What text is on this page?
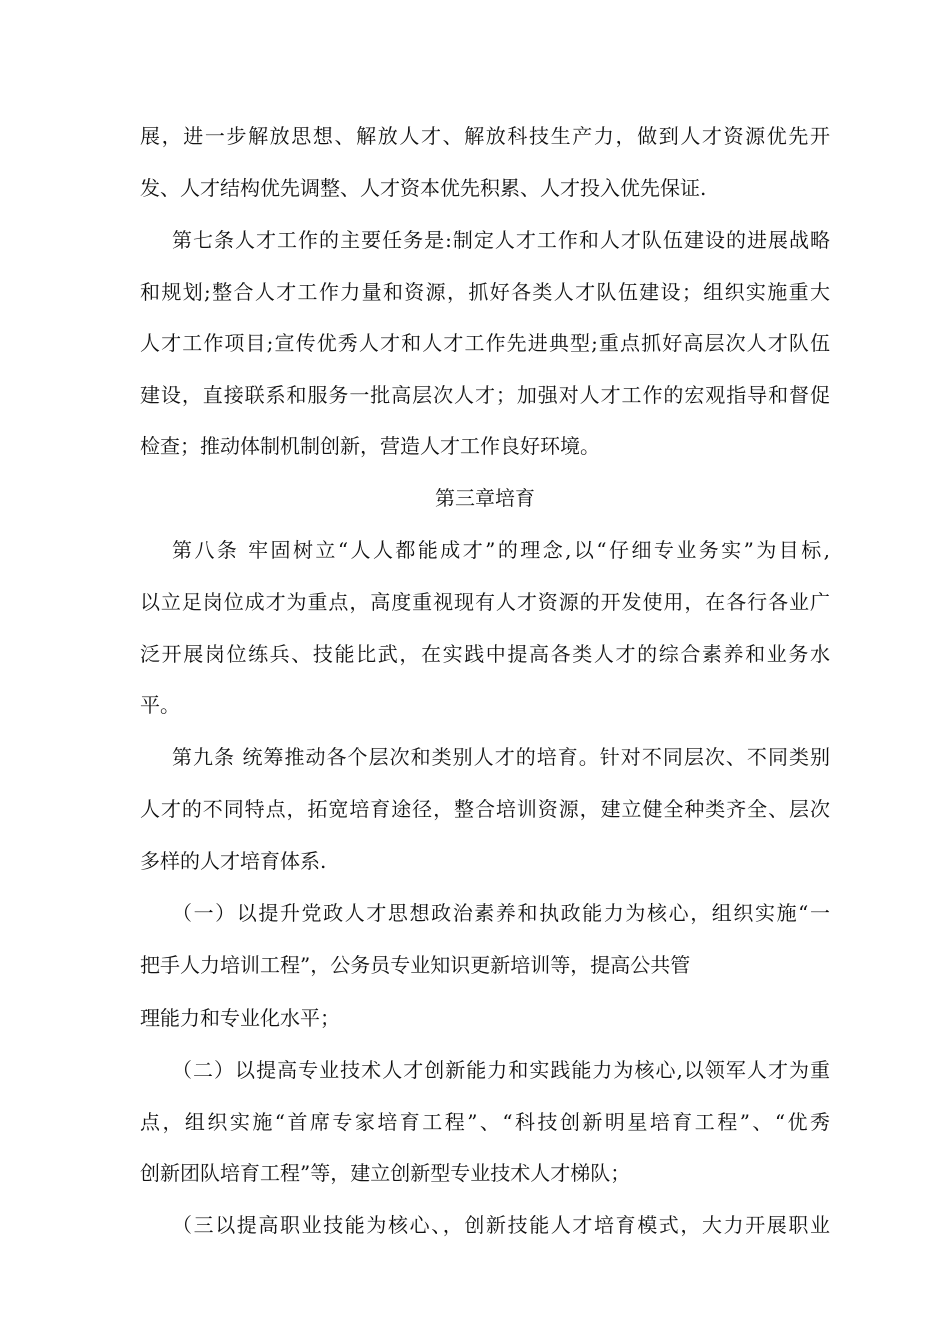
展，进一步解放思想、解放人才、解放科技生产力，做到人才资源优先开
发、人才结构优先调整、人才资本优先积累、人才投入优先保证.
第七条人才工作的主要任务是:制定人才工作和人才队伍建设的进展战略
和规划;整合人才工作力量和资源，抓好各类人才队伍建设；组织实施重大
人才工作项目;宣传优秀人才和人才工作先进典型;重点抓好高层次人才队伍
建设，直接联系和服务一批高层次人才；加强对人才工作的宏观指导和督促
检查；推动体制机制创新，营造人才工作良好环境。
第三章培育
第八条 牢固树立“人人都能成才”的理念,以“仔细专业务实”为目标,
以立足岗位成才为重点，高度重视现有人才资源的开发使用，在各行各业广
泛开展岗位练兵、技能比武，在实践中提高各类人才的综合素养和业务水
平。
第九条 统筹推动各个层次和类别人才的培育。针对不同层次、不同类别
人才的不同特点，拓宽培育途径，整合培训资源，建立健全种类齐全、层次
多样的人才培育体系.
（一）以提升党政人才思想政治素养和执政能力为核心，组织实施“一
把手人力培训工程”，公务员专业知识更新培训等，提高公共管
理能力和专业化水平；
（二）以提高专业技术人才创新能力和实践能力为核心,以领军人才为重
点，组织实施“首席专家培育工程”、“科技创新明星培育工程”、“优秀
创新团队培育工程”等，建立创新型专业技术人才梯队；
（三以提高职业技能为核心、，创新技能人才培育模式，大力开展职业
